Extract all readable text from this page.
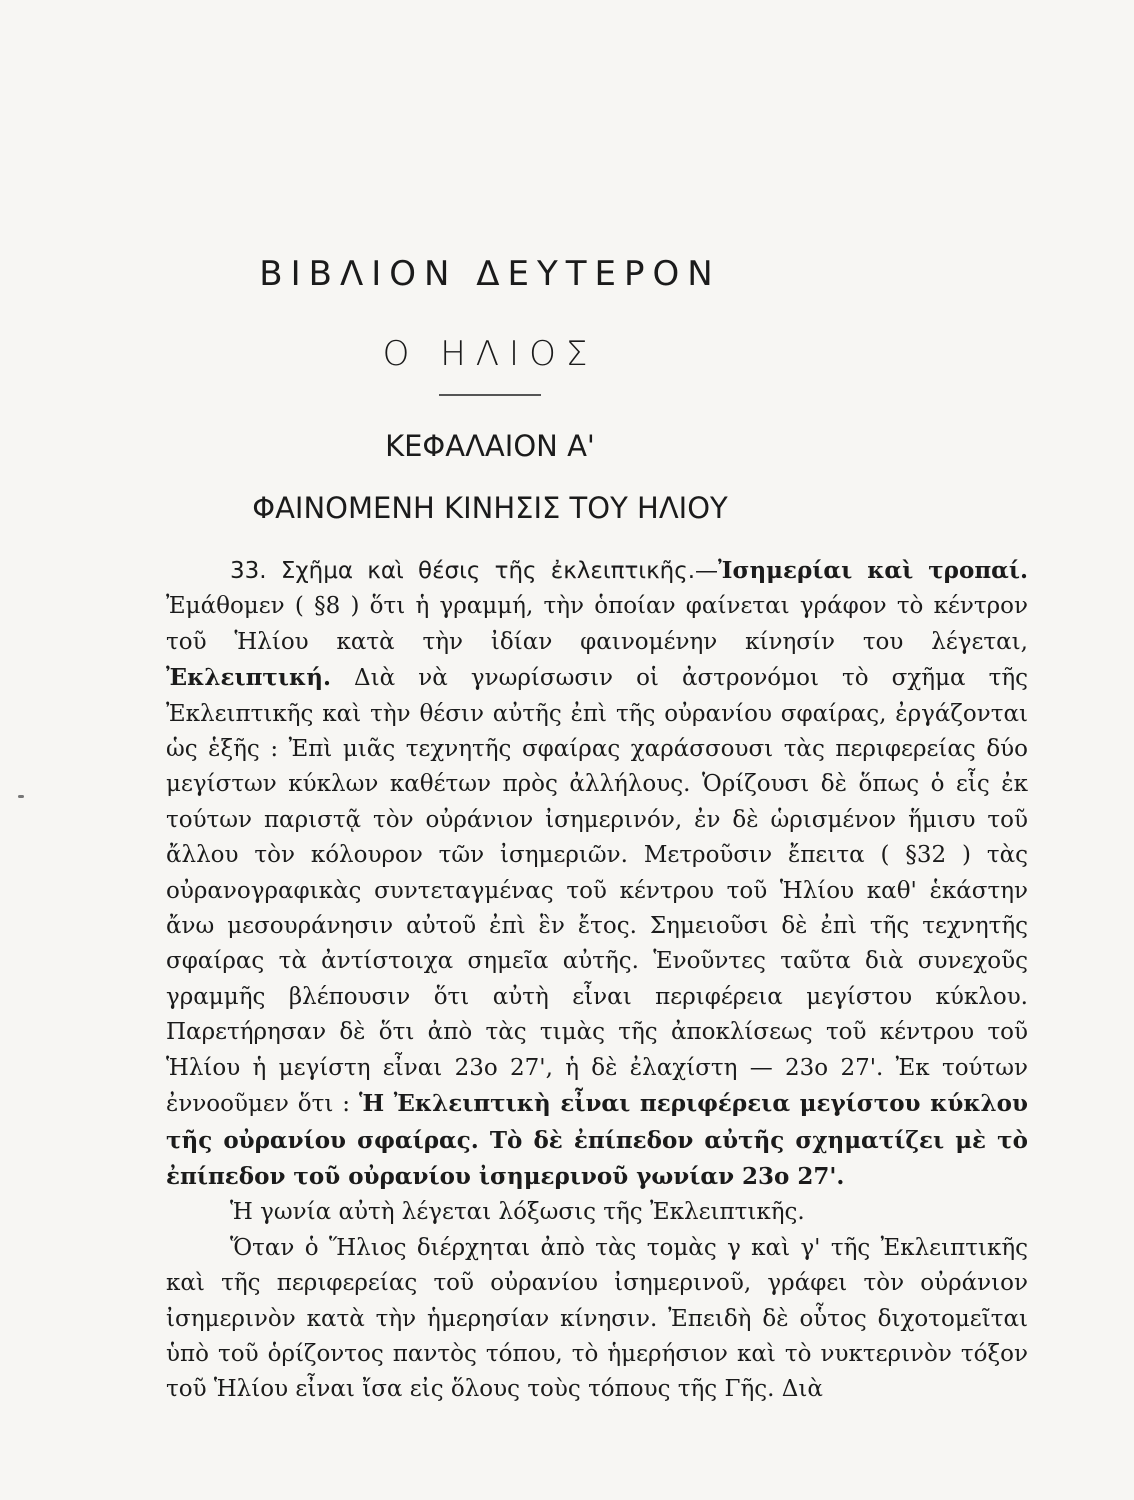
ΒΙΒΛΙΟΝ ΔΕΥΤΕΡΟΝ
Ο ΗΛΙΟΣ
ΚΕΦΑΛΑΙΟΝ Α'
ΦΑΙΝΟΜΕΝΗ ΚΙΝΗΣΙΣ ΤΟΥ ΗΛΙΟΥ

33. Σχῆμα καὶ θέσις τῆς ἐκλειπτικῆς.—Ἰσημερίαι καὶ τροπαί. Ἐμάθομεν ( §8 ) ὅτι ἡ γραμμή, τὴν ὁποίαν φαίνεται γράφον τὸ κέντρον τοῦ Ἡλίου κατὰ τὴν ἰδίαν φαινομένην κίνησίν του λέγεται, Ἐκλειπτική. Διὰ νὰ γνωρίσωσιν οἱ ἀστρονόμοι τὸ σχῆμα τῆς Ἐκλειπτικῆς καὶ τὴν θέσιν αὐτῆς ἐπὶ τῆς οὐρανίου σφαίρας, ἐργάζονται ὡς ἑξῆς : Ἐπὶ μιᾶς τεχνητῆς σφαίρας χαράσσουσι τὰς περιφερείας δύο μεγίστων κύκλων καθέτων πρὸς ἀλλήλους. Ὁρίζουσι δὲ ὅπως ὁ εἷς ἐκ τούτων παριστᾷ τὸν οὐράνιον ἰσημερινόν, ἐν δὲ ὡρισμένον ἥμισυ τοῦ ἄλλου τὸν κόλουρον τῶν ἰσημεριῶν. Μετροῦσιν ἔπειτα ( §32 ) τὰς οὐρανογραφικὰς συντεταγμένας τοῦ κέντρου τοῦ Ἡλίου καθ' ἑκάστην ἄνω μεσουράνησιν αὐτοῦ ἐπὶ ἓν ἔτος. Σημειοῦσι δὲ ἐπὶ τῆς τεχνητῆς σφαίρας τὰ ἀντίστοιχα σημεῖα αὐτῆς. Ἑνοῦντες ταῦτα διὰ συνεχοῦς γραμμῆς βλέπουσιν ὅτι αὐτὴ εἶναι περιφέρεια μεγίστου κύκλου. Παρετήρησαν δὲ ὅτι ἀπὸ τὰς τιμὰς τῆς ἀποκλίσεως τοῦ κέντρου τοῦ Ἡλίου ἡ μεγίστη εἶναι 23ο 27', ἡ δὲ ἐλαχίστη — 23ο 27'. Ἐκ τούτων ἐννοοῦμεν ὅτι : Ἡ Ἐκλειπτικὴ εἶναι περιφέρεια μεγίστου κύκλου τῆς οὐρανίου σφαίρας. Τὸ δὲ ἐπίπεδον αὐτῆς σχηματίζει μὲ τὸ ἐπίπεδον τοῦ οὐρανίου ἰσημερινοῦ γωνίαν 23ο 27'.

Ἡ γωνία αὐτὴ λέγεται λόξωσις τῆς Ἐκλειπτικῆς.

Ὅταν ὁ Ἥλιος διέρχηται ἀπὸ τὰς τομὰς γ καὶ γ' τῆς Ἐκλειπτικῆς καὶ τῆς περιφερείας τοῦ οὐρανίου ἰσημερινοῦ, γράφει τὸν οὐράνιον ἰσημερινὸν κατὰ τὴν ἡμερησίαν κίνησιν. Ἐπειδὴ δὲ οὗτος διχοτομεῖται ὑπὸ τοῦ ὁρίζοντος παντὸς τόπου, τὸ ἡμερήσιον καὶ τὸ νυκτερινὸν τόξον τοῦ Ἡλίου εἶναι ἴσα εἰς ὅλους τοὺς τόπους τῆς Γῆς. Διὰ
